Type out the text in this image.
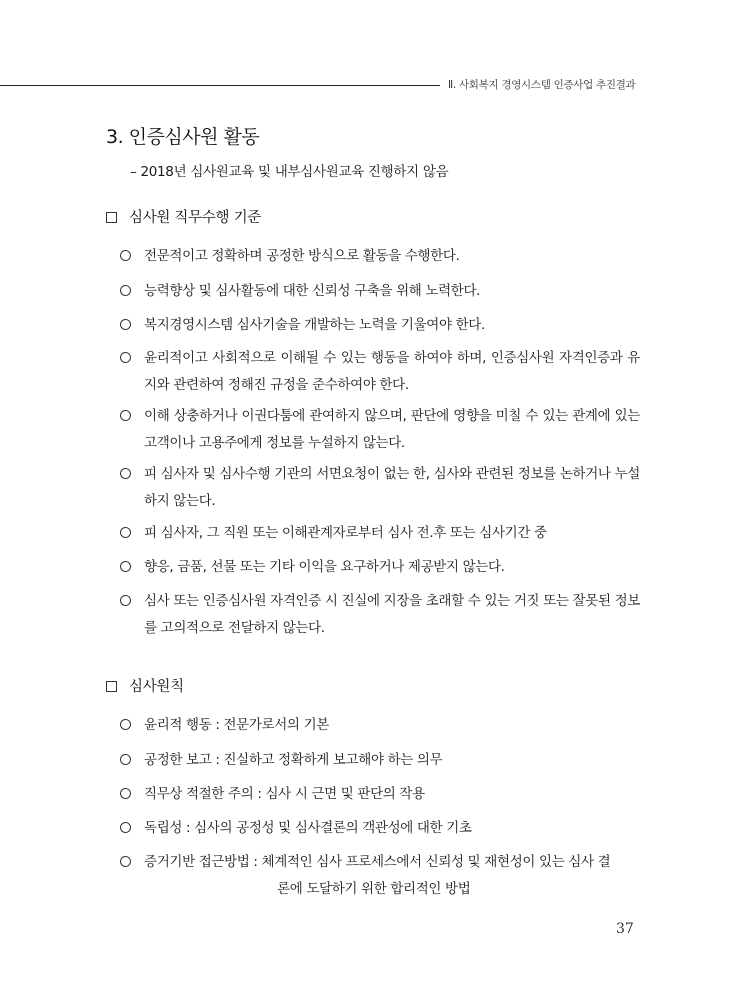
Ⅱ. 사회복지 경영시스템 인증사업 추진결과
3. 인증심사원 활동
– 2018년 심사원교육 및 내부심사원교육 진행하지 않음
심사원 직무수행 기준
전문적이고 정확하며 공정한 방식으로 활동을 수행한다.
능력향상 및 심사활동에 대한 신뢰성 구축을 위해 노력한다.
복지경영시스템 심사기술을 개발하는 노력을 기울여야 한다.
윤리적이고 사회적으로 이해될 수 있는 행동을 하여야 하며, 인증심사원 자격인증과 유지와 관련하여 정해진 규정을 준수하여야 한다.
이해 상충하거나 이권다툼에 관여하지 않으며, 판단에 영향을 미칠 수 있는 관계에 있는 고객이나 고용주에게 정보를 누설하지 않는다.
피 심사자 및 심사수행 기관의 서면요청이 없는 한, 심사와 관련된 정보를 논하거나 누설하지 않는다.
피 심사자, 그 직원 또는 이해관계자로부터 심사 전.후 또는 심사기간 중
향응, 금품, 선물 또는 기타 이익을 요구하거나 제공받지 않는다.
심사 또는 인증심사원 자격인증 시 진실에 지장을 초래할 수 있는 거짓 또는 잘못된 정보를 고의적으로 전달하지 않는다.
심사원칙
윤리적 행동 : 전문가로서의 기본
공정한 보고 : 진실하고 정확하게 보고해야 하는 의무
직무상 적절한 주의 : 심사 시 근면 및 판단의 작용
독립성 : 심사의 공정성 및 심사결론의 객관성에 대한 기초
증거기반 접근방법 : 체계적인 심사 프로세스에서 신뢰성 및 재현성이 있는 심사 결
론에 도달하기 위한 합리적인 방법
37
